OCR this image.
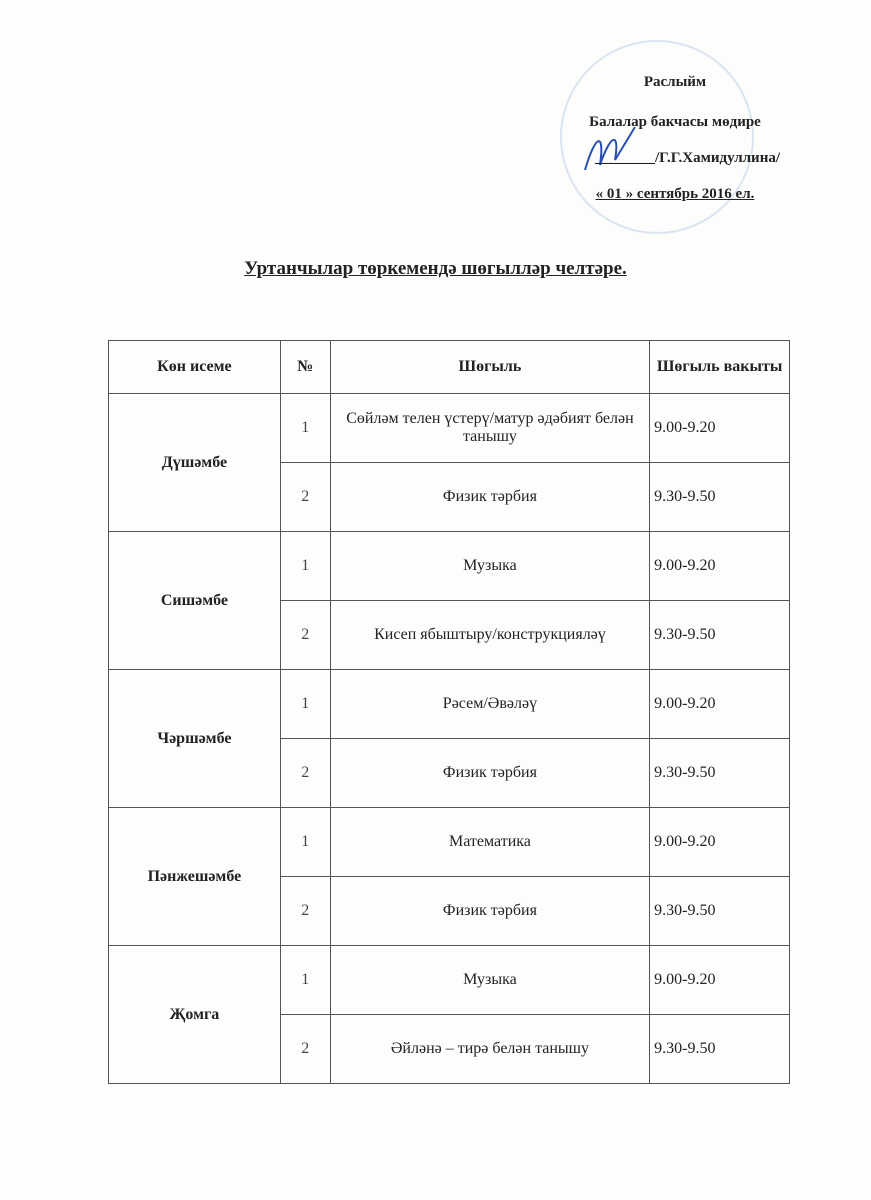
Раслыйм
Балалар бакчасы мөдире
________/Г.Г.Хамидуллина/
« 01 » сентябрь 2016 ел.
Уртанчылар төркемендә шөгылләр челтәре.
Көн исеме	№	Шөгыль	Шөгыль вакыты
Дүшәмбе	1	Сөйләм телен үстерү/матур әдәбият белән танышу	9.00-9.20
	2	Физик тәрбия	9.30-9.50
Сишәмбе	1	Музыка	9.00-9.20
	2	Кисеп ябыштыру/конструкцияләү	9.30-9.50
Чәршәмбе	1	Рәсем/Әвәләү	9.00-9.20
	2	Физик тәрбия	9.30-9.50
Пәнжешәмбе	1	Математика	9.00-9.20
	2	Физик тәрбия	9.30-9.50
Җомга	1	Музыка	9.00-9.20
	2	Әйләнә – тирә белән танышу	9.30-9.50
